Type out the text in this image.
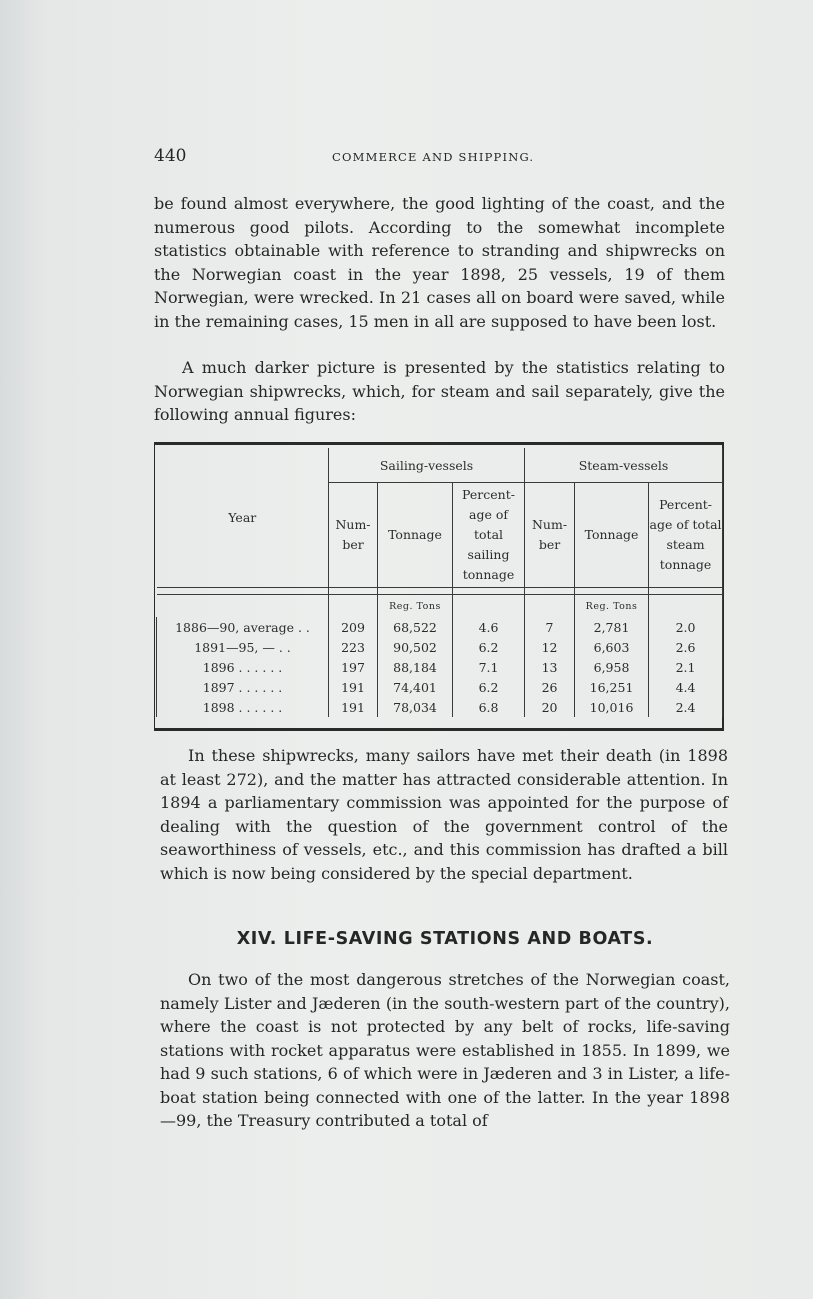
440	COMMERCE AND SHIPPING.

be found almost everywhere, the good lighting of the coast, and the numerous good pilots. According to the somewhat incomplete statistics obtainable with reference to stranding and shipwrecks on the Norwegian coast in the year 1898, 25 vessels, 19 of them Norwegian, were wrecked. In 21 cases all on board were saved, while in the remaining cases, 15 men in all are supposed to have been lost.

A much darker picture is presented by the statistics relating to Norwegian shipwrecks, which, for steam and sail separately, give the following annual figures:

Year	Sailing-vessels			Steam-vessels		
	Num-ber	Tonnage	Percent-age of total sailing tonnage	Num-ber	Tonnage	Percent-age of total steam tonnage

		Reg. Tons			Reg. Tons	
1886—90, average . .	209	68,522	4.6	7	2,781	2.0
1891—95, — . .	223	90,502	6.2	12	6,603	2.6
1896 . . . . . .	197	88,184	7.1	13	6,958	2.1
1897 . . . . . .	191	74,401	6.2	26	16,251	4.4
1898 . . . . . .	191	78,034	6.8	20	10,016	2.4

In these shipwrecks, many sailors have met their death (in 1898 at least 272), and the matter has attracted considerable attention. In 1894 a parliamentary commission was appointed for the purpose of dealing with the question of the government control of the seaworthiness of vessels, etc., and this commission has drafted a bill which is now being considered by the special department.

XIV. LIFE-SAVING STATIONS AND BOATS.

On two of the most dangerous stretches of the Norwegian coast, namely Lister and Jæderen (in the south-western part of the country), where the coast is not protected by any belt of rocks, life-saving stations with rocket apparatus were established in 1855. In 1899, we had 9 such stations, 6 of which were in Jæderen and 3 in Lister, a life-boat station being connected with one of the latter. In the year 1898—99, the Treasury contributed a total of
